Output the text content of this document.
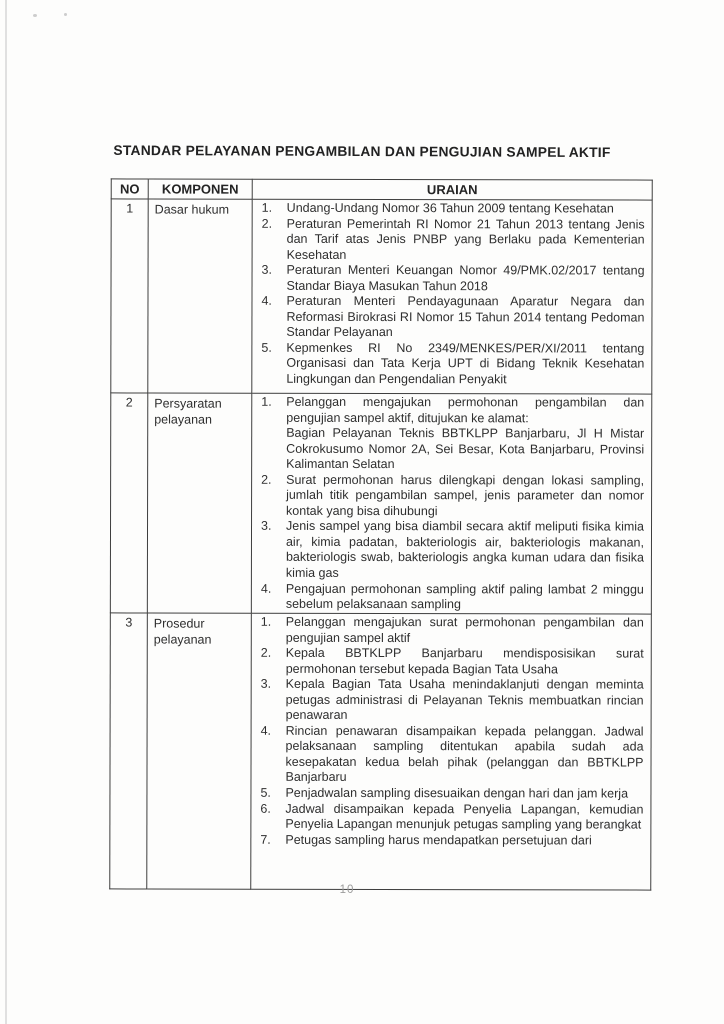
STANDAR PELAYANAN PENGAMBILAN DAN PENGUJIAN SAMPEL AKTIF
NO	KOMPONEN	URAIAN
1	Dasar hukum	1.	Undang-Undang Nomor 36 Tahun 2009 tentang Kesehatan
2.	Peraturan Pemerintah RI Nomor 21 Tahun 2013 tentang Jenis dan Tarif atas Jenis PNBP yang Berlaku pada Kementerian Kesehatan
3.	Peraturan Menteri Keuangan Nomor 49/PMK.02/2017 tentang Standar Biaya Masukan Tahun 2018
4.	Peraturan Menteri Pendayagunaan Aparatur Negara dan Reformasi Birokrasi RI Nomor 15 Tahun 2014 tentang Pedoman Standar Pelayanan
5.	Kepmenkes RI No 2349/MENKES/PER/XI/2011 tentang Organisasi dan Tata Kerja UPT di Bidang Teknik Kesehatan Lingkungan dan Pengendalian Penyakit

2	Persyaratan pelayanan	
1.	Pelanggan mengajukan permohonan pengambilan dan pengujian sampel aktif, ditujukan ke alamat:
Bagian Pelayanan Teknis BBTKLPP Banjarbaru, Jl H Mistar Cokrokusumo Nomor 2A, Sei Besar, Kota Banjarbaru, Provinsi Kalimantan Selatan
2.	Surat permohonan harus dilengkapi dengan lokasi sampling, jumlah titik pengambilan sampel, jenis parameter dan nomor kontak yang bisa dihubungi
3.	Jenis sampel yang bisa diambil secara aktif meliputi fisika kimia air, kimia padatan, bakteriologis air, bakteriologis makanan, bakteriologis swab, bakteriologis angka kuman udara dan fisika kimia gas
4.	Pengajuan permohonan sampling aktif paling lambat 2 minggu sebelum pelaksanaan sampling

3	Prosedur pelayanan	
1.	Pelanggan mengajukan surat permohonan pengambilan dan pengujian sampel aktif
2.	Kepala BBTKLPP Banjarbaru mendisposisikan surat permohonan tersebut kepada Bagian Tata Usaha
3.	Kepala Bagian Tata Usaha menindaklanjuti dengan meminta petugas administrasi di Pelayanan Teknis membuatkan rincian penawaran
4.	Rincian penawaran disampaikan kepada pelanggan. Jadwal pelaksanaan sampling ditentukan apabila sudah ada kesepakatan kedua belah pihak (pelanggan dan BBTKLPP Banjarbaru
5.	Penjadwalan sampling disesuaikan dengan hari dan jam kerja
6.	Jadwal disampaikan kepada Penyelia Lapangan, kemudian Penyelia Lapangan menunjuk petugas sampling yang berangkat
7.	Petugas sampling harus mendapatkan persetujuan dari
10
